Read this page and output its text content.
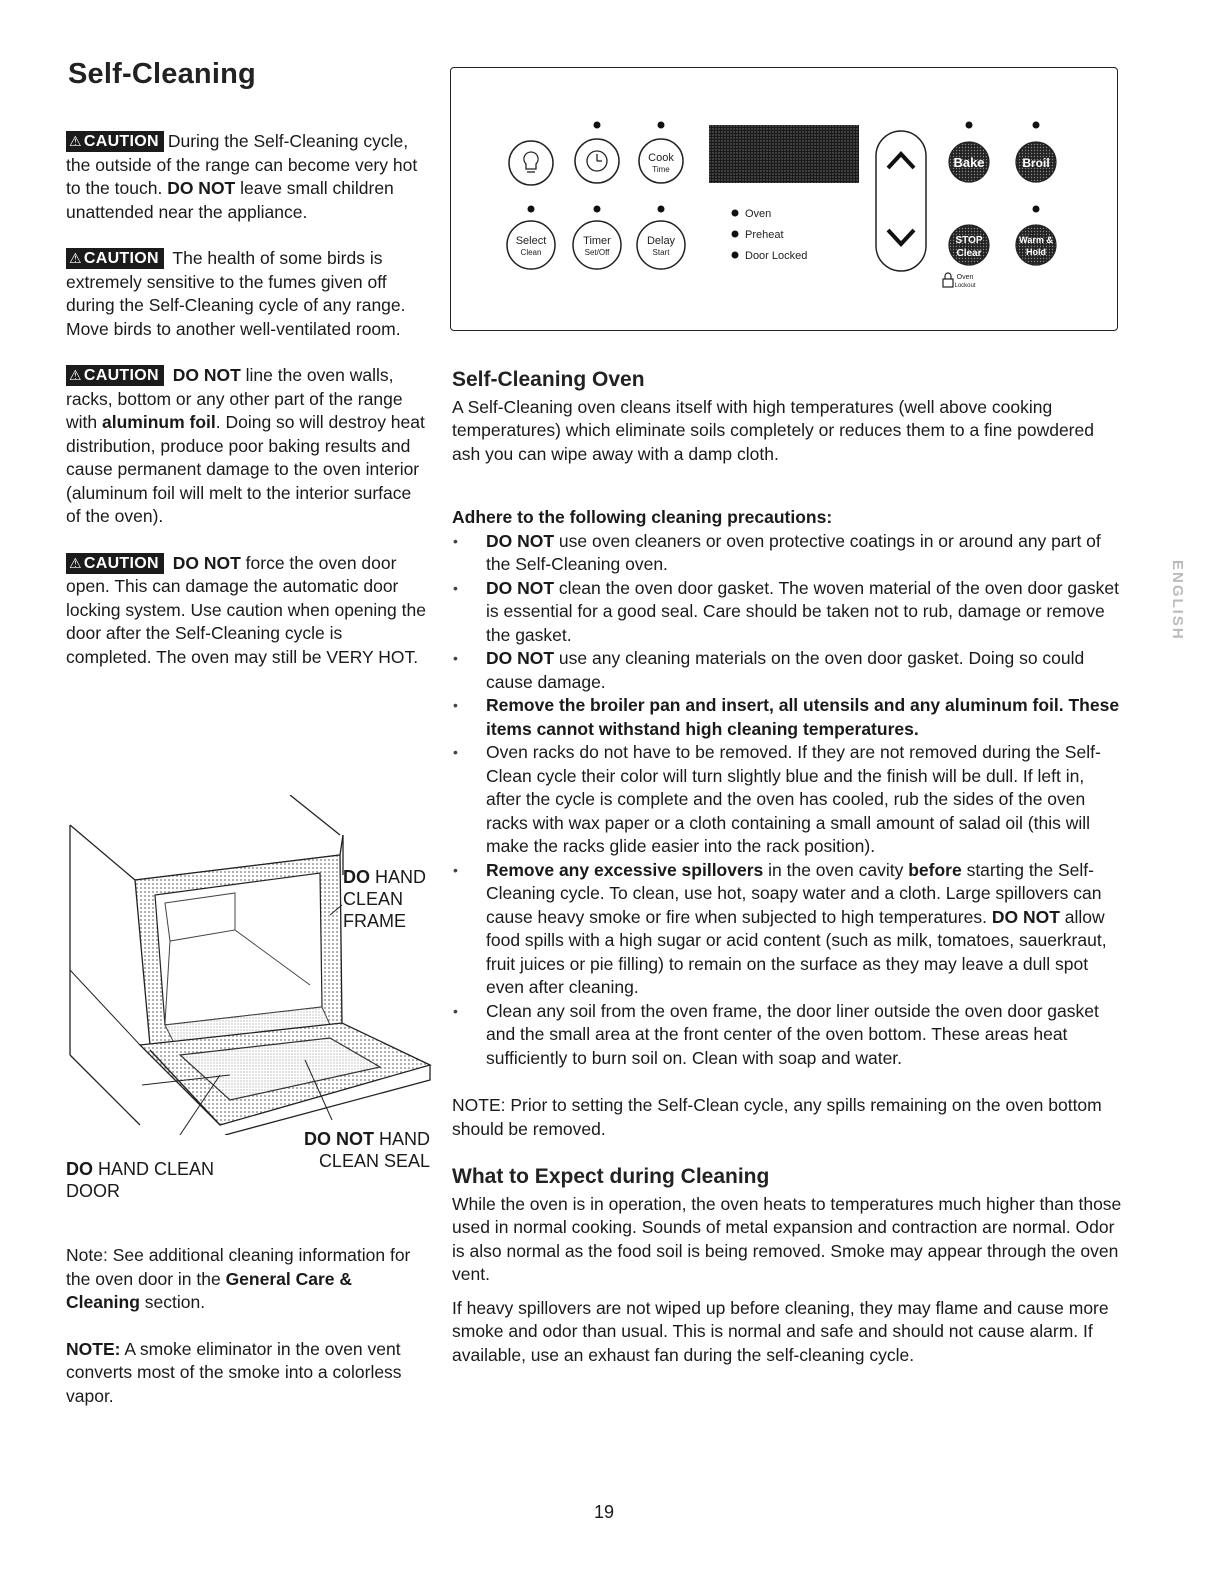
Self-Cleaning

⚠ CAUTION During the Self-Cleaning cycle, the outside of the range can become very hot to the touch. DO NOT leave small children unattended near the appliance.

⚠ CAUTION The health of some birds is extremely sensitive to the fumes given off during the Self-Cleaning cycle of any range. Move birds to another well-ventilated room.

⚠ CAUTION DO NOT line the oven walls, racks, bottom or any other part of the range with aluminum foil. Doing so will destroy heat distribution, produce poor baking results and cause permanent damage to the oven interior (aluminum foil will melt to the interior surface of the oven).

⚠ CAUTION DO NOT force the oven door open. This can damage the automatic door locking system. Use caution when opening the door after the Self-Cleaning cycle is completed. The oven may still be VERY HOT.

DO HAND CLEAN FRAME
DO NOT HAND CLEAN SEAL
DO HAND CLEAN DOOR

Note: See additional cleaning information for the oven door in the General Care & Cleaning section.

NOTE: A smoke eliminator in the oven vent converts most of the smoke into a colorless vapor.

Cook
Time
Select
Clean
Timer
Set/Off
Delay
Start
Oven
Preheat
Door Locked
Bake	Broil
STOP
Clear
Warm &
Hold
Oven
Lockout
Self-Cleaning Oven

A Self-Cleaning oven cleans itself with high temperatures (well above cooking temperatures) which eliminate soils completely or reduces them to a fine powdered ash you can wipe away with a damp cloth.

Adhere to the following cleaning precautions:
• DO NOT use oven cleaners or oven protective coatings in or around any part of the Self-Cleaning oven.
• DO NOT clean the oven door gasket. The woven material of the oven door gasket is essential for a good seal. Care should be taken not to rub, damage or remove the gasket.
• DO NOT use any cleaning materials on the oven door gasket. Doing so could cause damage.
• Remove the broiler pan and insert, all utensils and any aluminum foil. These items cannot withstand high cleaning temperatures.
• Oven racks do not have to be removed. If they are not removed during the Self-Clean cycle their color will turn slightly blue and the finish will be dull. If left in, after the cycle is complete and the oven has cooled, rub the sides of the oven racks with wax paper or a cloth containing a small amount of salad oil (this will make the racks glide easier into the rack position).
• Remove any excessive spillovers in the oven cavity before starting the Self-Cleaning cycle. To clean, use hot, soapy water and a cloth. Large spillovers can cause heavy smoke or fire when subjected to high temperatures. DO NOT allow food spills with a high sugar or acid content (such as milk, tomatoes, sauerkraut, fruit juices or pie filling) to remain on the surface as they may leave a dull spot even after cleaning.
• Clean any soil from the oven frame, the door liner outside the oven door gasket and the small area at the front center of the oven bottom. These areas heat sufficiently to burn soil on. Clean with soap and water.

NOTE: Prior to setting the Self-Clean cycle, any spills remaining on the oven bottom should be removed.

What to Expect during Cleaning

While the oven is in operation, the oven heats to temperatures much higher than those used in normal cooking. Sounds of metal expansion and contraction are normal. Odor is also normal as the food soil is being removed. Smoke may appear through the oven vent.

If heavy spillovers are not wiped up before cleaning, they may flame and cause more smoke and odor than usual. This is normal and safe and should not cause alarm. If available, use an exhaust fan during the self-cleaning cycle.

ENGLISH
19
